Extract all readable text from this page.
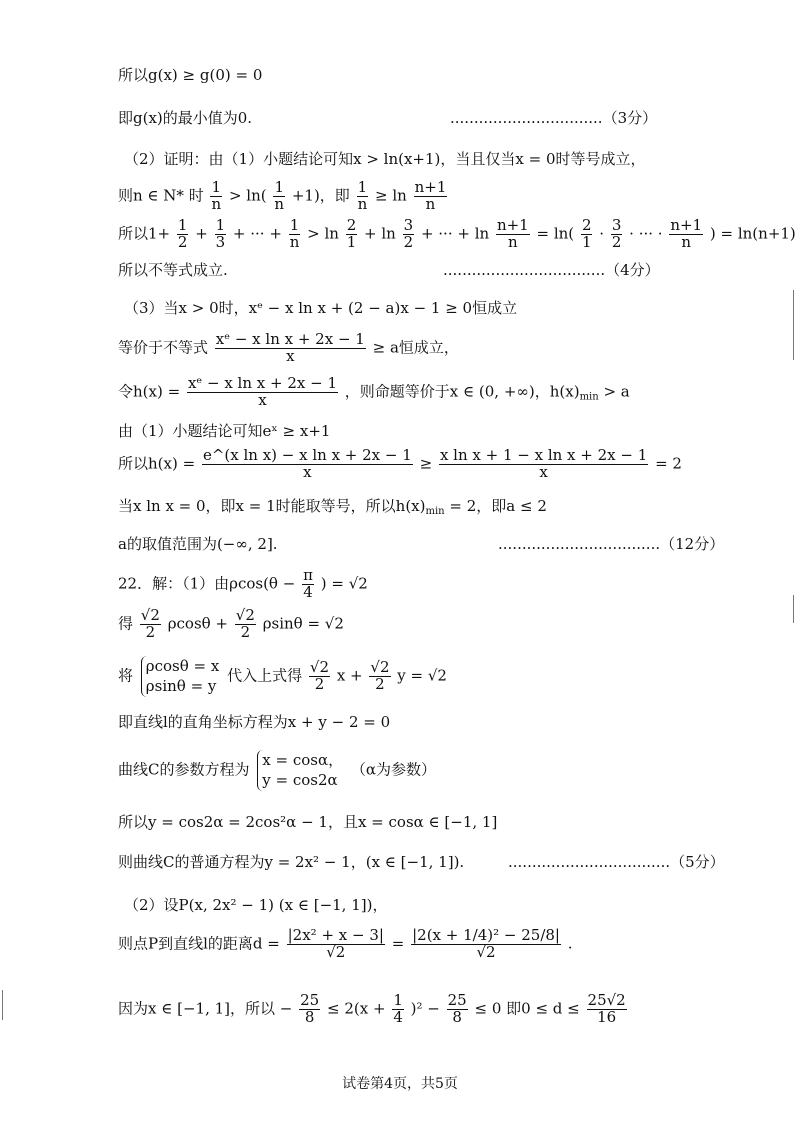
所以g(x) ≥ g(0) = 0
即g(x)的最小值为0.	................................（3分）
（2）证明：由（1）小题结论可知x > ln(x+1)，当且仅当x = 0时等号成立，
则n ∈ N* 时 $\frac{1}{n} > \ln( \frac{1}{n} +1)$，即 $\frac{1}{n} \ge \ln \frac{n+1}{n}$
所以$1+ \frac{1}{2} + \frac{1}{3}$ + ··· + $\frac{1}{n} > \ln \frac{2}{1} + \ln \frac{3}{2}$ + ··· + $\ln \frac{n+1}{n} = \ln( \frac{2}{1} \cdot \frac{3}{2}$ · ··· · $\frac{n+1}{n}$ ) = ln(n+1)
所以不等式成立.	..................................（4分）
（3）当x > 0时，xᵉ − x ln x + (2 − a)x − 1 ≥ 0恒成立
等价于不等式 $\frac{\text{xᵉ − x ln x + 2x − 1}}{x} \ge a$恒成立，
令$h(x) = \frac{\text{xᵉ − x ln x + 2x − 1}}{x}$ ，则命题等价于x ∈ (0, +∞)，$h(x)_{min} > a$
由（1）小题结论可知eˣ ≥ x+1
所以$h(x) = \frac{\text{e\textasciicircum{}(x ln x) − x ln x + 2x − 1}}{x} \ge \frac{\text{x ln x + 1 − x ln x + 2x − 1}}{x} = 2$
当x ln x = 0，即x = 1时能取等号，所以$h(x)_{min} = 2$，即a ≤ 2
a的取值范围为(−∞, 2].	..................................（12分）
22．解：（1）由$\rho\cos(\theta - \frac{\pi}{4}$ ) = √2
得 $\frac{√2}{2}$ $\rho\cos\theta + \frac{√2}{2}$ ρsinθ = √2
将
ρcosθ = x
ρsinθ = y
代入上式得 $\frac{√2}{2}$ $x + \frac{√2}{2}$ y = √2
即直线l的直角坐标方程为x + y − 2 = 0
曲线C的参数方程为
x = cosα，
y = cos2α
（α为参数）
所以y = cos2α = 2cos²α − 1，且x = cosα ∈ [−1, 1]
则曲线C的普通方程为y = 2x² − 1，(x ∈ [−1, 1]).	..................................（5分）
（2）设P(x, 2x² − 1) (x ∈ [−1, 1])，
则点P到直线l的距离$d = \frac{\text{|2x² + x − 3|}}{√2} = \frac{\text{|2(x + 1/4)² − 25/8|}}{√2}$ .
因为x ∈ [−1, 1]，所以 − $\frac{25}{8} \le 2(x + \frac{1}{4} )^2 - \frac{25}{8} \le 0$ 即$0 \le d \le \frac{25√2}{16}$
试卷第4页，共5页
